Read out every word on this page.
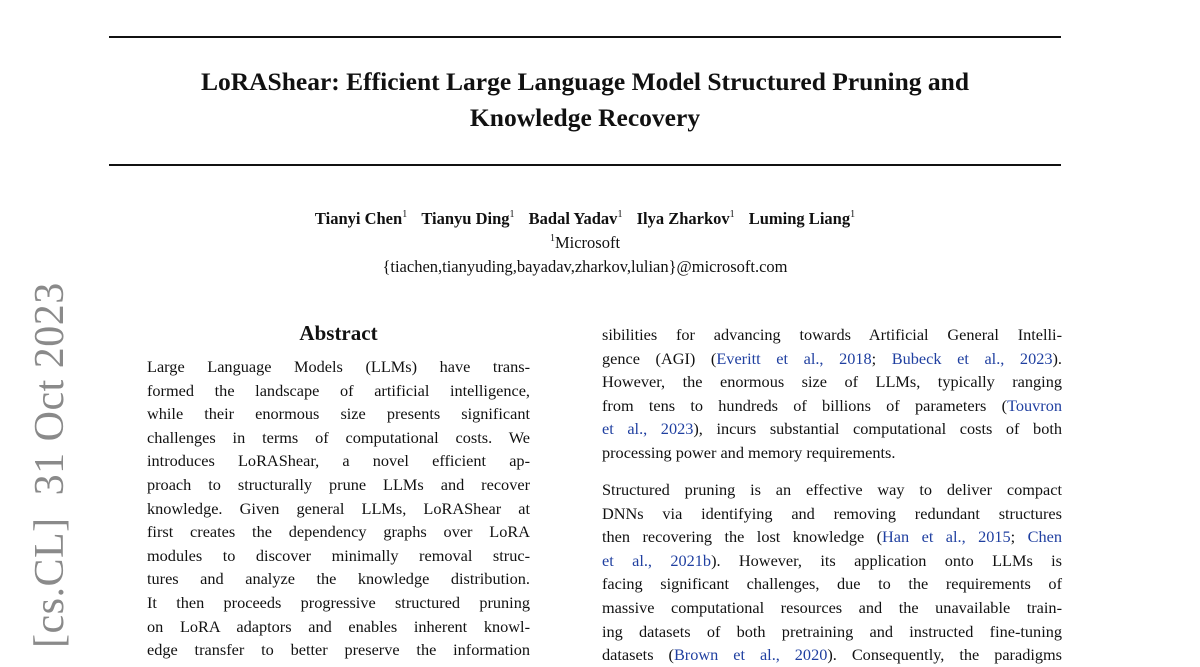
LoRAShear: Efficient Large Language Model Structured Pruning and
Knowledge Recovery
Tianyi Chen$^1$ Tianyu Ding$^1$ Badal Yadav$^1$ Ilya Zharkov$^1$ Luming Liang$^1$
$^1$Microsoft
{tiachen,tianyuding,bayadav,zharkov,lulian}@microsoft.com
[cs.CL]31 Oct 2023	Abstract
Large Language Models (LLMs) have trans-
formed the landscape of artificial intelligence,
while their enormous size presents significant
challenges in terms of computational costs. We
introduces LoRAShear, a novel efficient ap-
proach to structurally prune LLMs and recover
knowledge. Given general LLMs, LoRAShear at
first creates the dependency graphs over LoRA
modules to discover minimally removal struc-
tures and analyze the knowledge distribution.
It then proceeds progressive structured pruning
on LoRA adaptors and enables inherent knowl-
edge transfer to better preserve the information
sibilities for advancing towards Artificial General Intelli-
gence (AGI) (Everitt et al., 2018; Bubeck et al., 2023).
However, the enormous size of LLMs, typically ranging
from tens to hundreds of billions of parameters (Touvron
et al., 2023), incurs substantial computational costs of both
processing power and memory requirements.
Structured pruning is an effective way to deliver compact
DNNs via identifying and removing redundant structures
then recovering the lost knowledge (Han et al., 2015; Chen
et al., 2021b). However, its application onto LLMs is
facing significant challenges, due to the requirements of
massive computational resources and the unavailable train-
ing datasets of both pretraining and instructed fine-tuning
datasets (Brown et al., 2020). Consequently, the paradigms
